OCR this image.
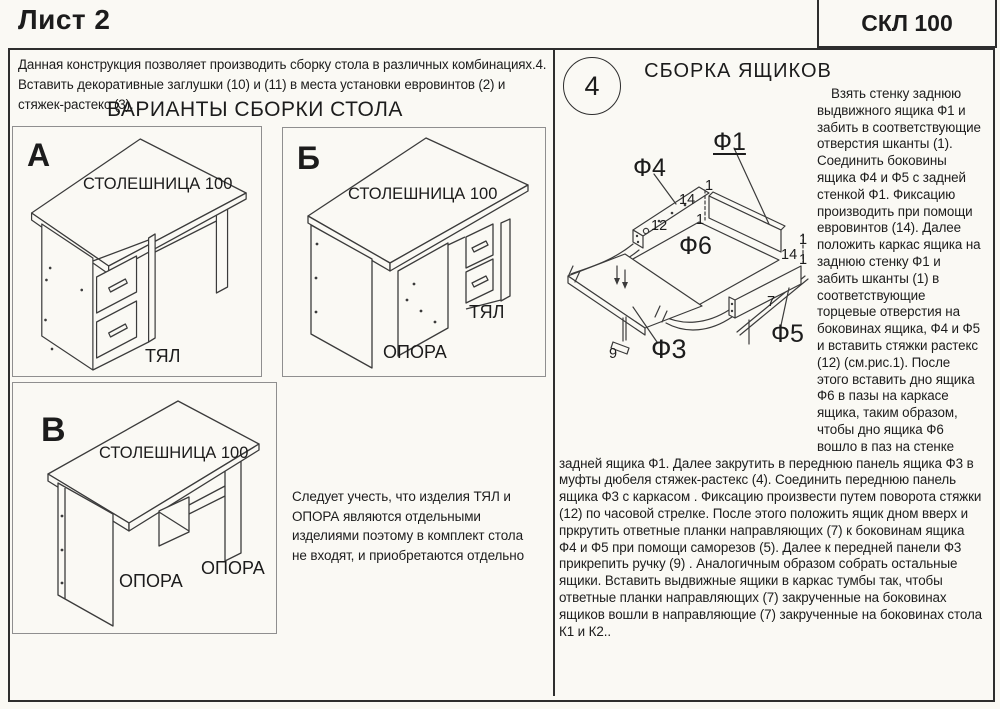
Лист 2	СКЛ 100

Данная конструкция позволяет производить сборку стола в различных комбинациях.4. Вставить декоративные заглушки (10) и (11) в места установки евровинтов (2) и стяжек-растекс (3).

ВАРИАНТЫ СБОРКИ СТОЛА
А
СТОЛЕШНИЦА 100
ТЯЛ
Б
СТОЛЕШНИЦА 100
ТЯЛ
ОПОРА
В
СТОЛЕШНИЦА 100
ОПОРА
ОПОРА

Следует учесть, что изделия ТЯЛ и ОПОРА являются отдельными изделиями поэтому в комплект стола не входят, и приобретаются отдельно

4	СБОРКА ЯЩИКОВ
Ф1
Ф4
1
14
1
12
Ф6	1
14 1
7
Ф5
Ф3
9

Взять стенку заднюю выдвижного ящика Ф1 и забить в соответствующие отверстия шканты (1). Соединить боковины ящика Ф4 и Ф5 с задней стенкой Ф1. Фиксацию производить при помощи евровинтов (14). Далее положить каркас ящика на заднюю стенку Ф1 и забить шканты (1) в соответствующие торцевые отверстия на боковинах ящика, Ф4 и Ф5 и вставить стяжки растекс (12) (см.рис.1). После этого вставить дно ящика Ф6 в пазы на каркасе ящика, таким образом, чтобы дно ящика Ф6 вошло в паз на стенке задней ящика Ф1. Далее закрутить в переднюю панель ящика Ф3 в муфты дюбеля стяжек-растекс (4). Соединить переднюю панель ящика Ф3 с каркасом . Фиксацию произвести путем поворота стяжки (12) по часовой стрелке. После этого положить ящик дном вверх и пркрутить ответные планки направляющих (7) к боковинам ящика Ф4 и Ф5 при помощи саморезов (5). Далее к передней панели Ф3 прикрепить ручку (9) . Аналогичным образом собрать остальные ящики. Вставить выдвижные ящики в каркас тумбы так, чтобы ответные планки направляющих (7) закрученные на боковинах ящиков вошли в направляющие (7) закрученные на боковинах стола К1 и К2..
